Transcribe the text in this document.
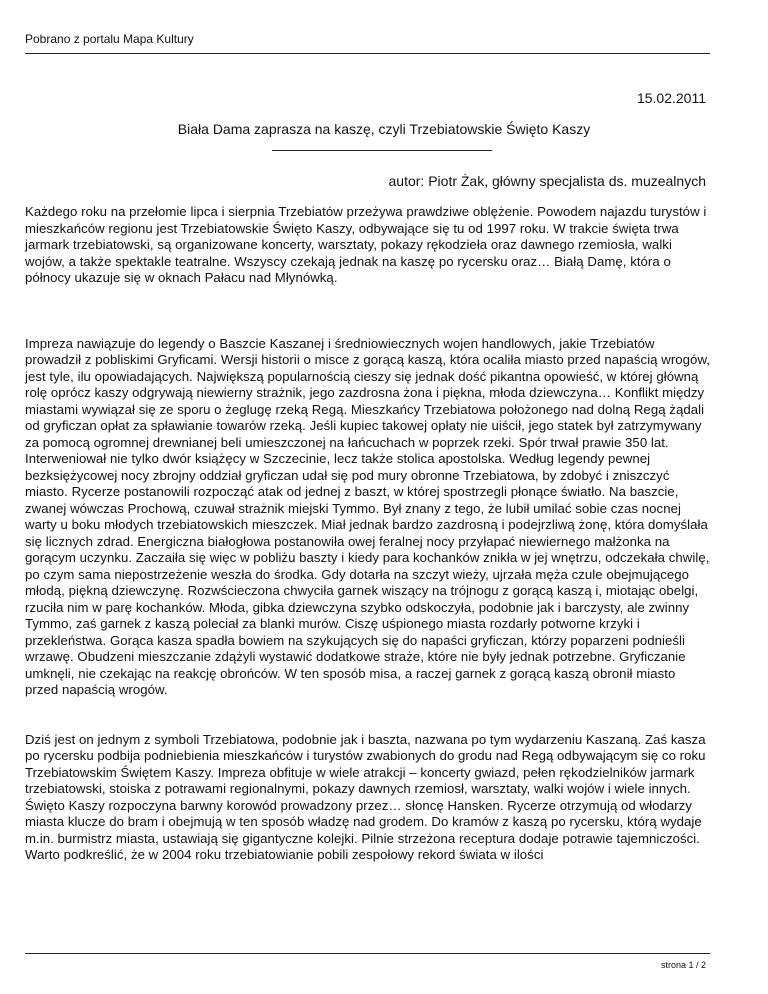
Pobrano z portalu Mapa Kultury
15.02.2011
Biała Dama zaprasza na kaszę, czyli Trzebiatowskie Święto Kaszy
autor: Piotr Żak, główny specjalista ds. muzealnych

Każdego roku na przełomie lipca i sierpnia Trzebiatów przeżywa prawdziwe oblężenie. Powodem najazdu turystów i mieszkańców regionu jest Trzebiatowskie Święto Kaszy, odbywające się tu od 1997 roku. W trakcie święta trwa jarmark trzebiatowski, są organizowane koncerty, warsztaty, pokazy rękodzieła oraz dawnego rzemiosła, walki wojów, a także spektakle teatralne. Wszyscy czekają jednak na kaszę po rycersku oraz… Białą Damę, która o północy ukazuje się w oknach Pałacu nad Młynówką.

Impreza nawiązuje do legendy o Baszcie Kaszanej i średniowiecznych wojen handlowych, jakie Trzebiatów prowadził z pobliskimi Gryficami. Wersji historii o misce z gorącą kaszą, która ocaliła miasto przed napaścią wrogów, jest tyle, ilu opowiadających. Największą popularnością cieszy się jednak dość pikantna opowieść, w której główną rolę oprócz kaszy odgrywają niewierny strażnik, jego zazdrosna żona i piękna, młoda dziewczyna… Konflikt między miastami wywiązał się ze sporu o żeglugę rzeką Regą. Mieszkańcy Trzebiatowa położonego nad dolną Regą żądali od gryficzan opłat za spławianie towarów rzeką. Jeśli kupiec takowej opłaty nie uiścił, jego statek był zatrzymywany za pomocą ogromnej drewnianej beli umieszczonej na łańcuchach w poprzek rzeki. Spór trwał prawie 350 lat. Interweniował nie tylko dwór książęcy w Szczecinie, lecz także stolica apostolska. Według legendy pewnej bezksiężycowej nocy zbrojny oddział gryficzan udał się pod mury obronne Trzebiatowa, by zdobyć i zniszczyć miasto. Rycerze postanowili rozpocząć atak od jednej z baszt, w której spostrzegli płonące światło. Na baszcie, zwanej wówczas Prochową, czuwał strażnik miejski Tymmo. Był znany z tego, że lubił umilać sobie czas nocnej warty u boku młodych trzebiatowskich mieszczek. Miał jednak bardzo zazdrosną i podejrzliwą żonę, która domyślała się licznych zdrad. Energiczna białogłowa postanowiła owej feralnej nocy przyłapać niewiernego małżonka na gorącym uczynku. Zaczaiła się więc w pobliżu baszty i kiedy para kochanków znikła w jej wnętrzu, odczekała chwilę, po czym sama niepostrzeżenie weszła do środka. Gdy dotarła na szczyt wieży, ujrzała męża czule obejmującego młodą, piękną dziewczynę. Rozwścieczona chwyciła garnek wiszący na trójnogu z gorącą kaszą i, miotając obelgi, rzuciła nim w parę kochanków. Młoda, gibka dziewczyna szybko odskoczyła, podobnie jak i barczysty, ale zwinny Tymmo, zaś garnek z kaszą poleciał za blanki murów. Ciszę uśpionego miasta rozdarły potworne krzyki i przekleństwa. Gorąca kasza spadła bowiem na szykujących się do napaści gryficzan, którzy poparzeni podnieśli wrzawę. Obudzeni mieszczanie zdążyli wystawić dodatkowe straże, które nie były jednak potrzebne. Gryficzanie umknęli, nie czekając na reakcję obrońców. W ten sposób misa, a raczej garnek z gorącą kaszą obronił miasto przed napaścią wrogów.

Dziś jest on jednym z symboli Trzebiatowa, podobnie jak i baszta, nazwana po tym wydarzeniu Kaszaną. Zaś kasza po rycersku podbija podniebienia mieszkańców i turystów zwabionych do grodu nad Regą odbywającym się co roku Trzebiatowskim Świętem Kaszy. Impreza obfituje w wiele atrakcji – koncerty gwiazd, pełen rękodzielników jarmark trzebiatowski, stoiska z potrawami regionalnymi, pokazy dawnych rzemiosł, warsztaty, walki wojów i wiele innych. Święto Kaszy rozpoczyna barwny korowód prowadzony przez… słoncę Hansken. Rycerze otrzymują od włodarzy miasta klucze do bram i obejmują w ten sposób władzę nad grodem. Do kramów z kaszą po rycersku, którą wydaje m.in. burmistrz miasta, ustawiają się gigantyczne kolejki. Pilnie strzeżona receptura dodaje potrawie tajemniczości. Warto podkreślić, że w 2004 roku trzebiatowianie pobili zespołowy rekord świata w ilości

strona 1 / 2
